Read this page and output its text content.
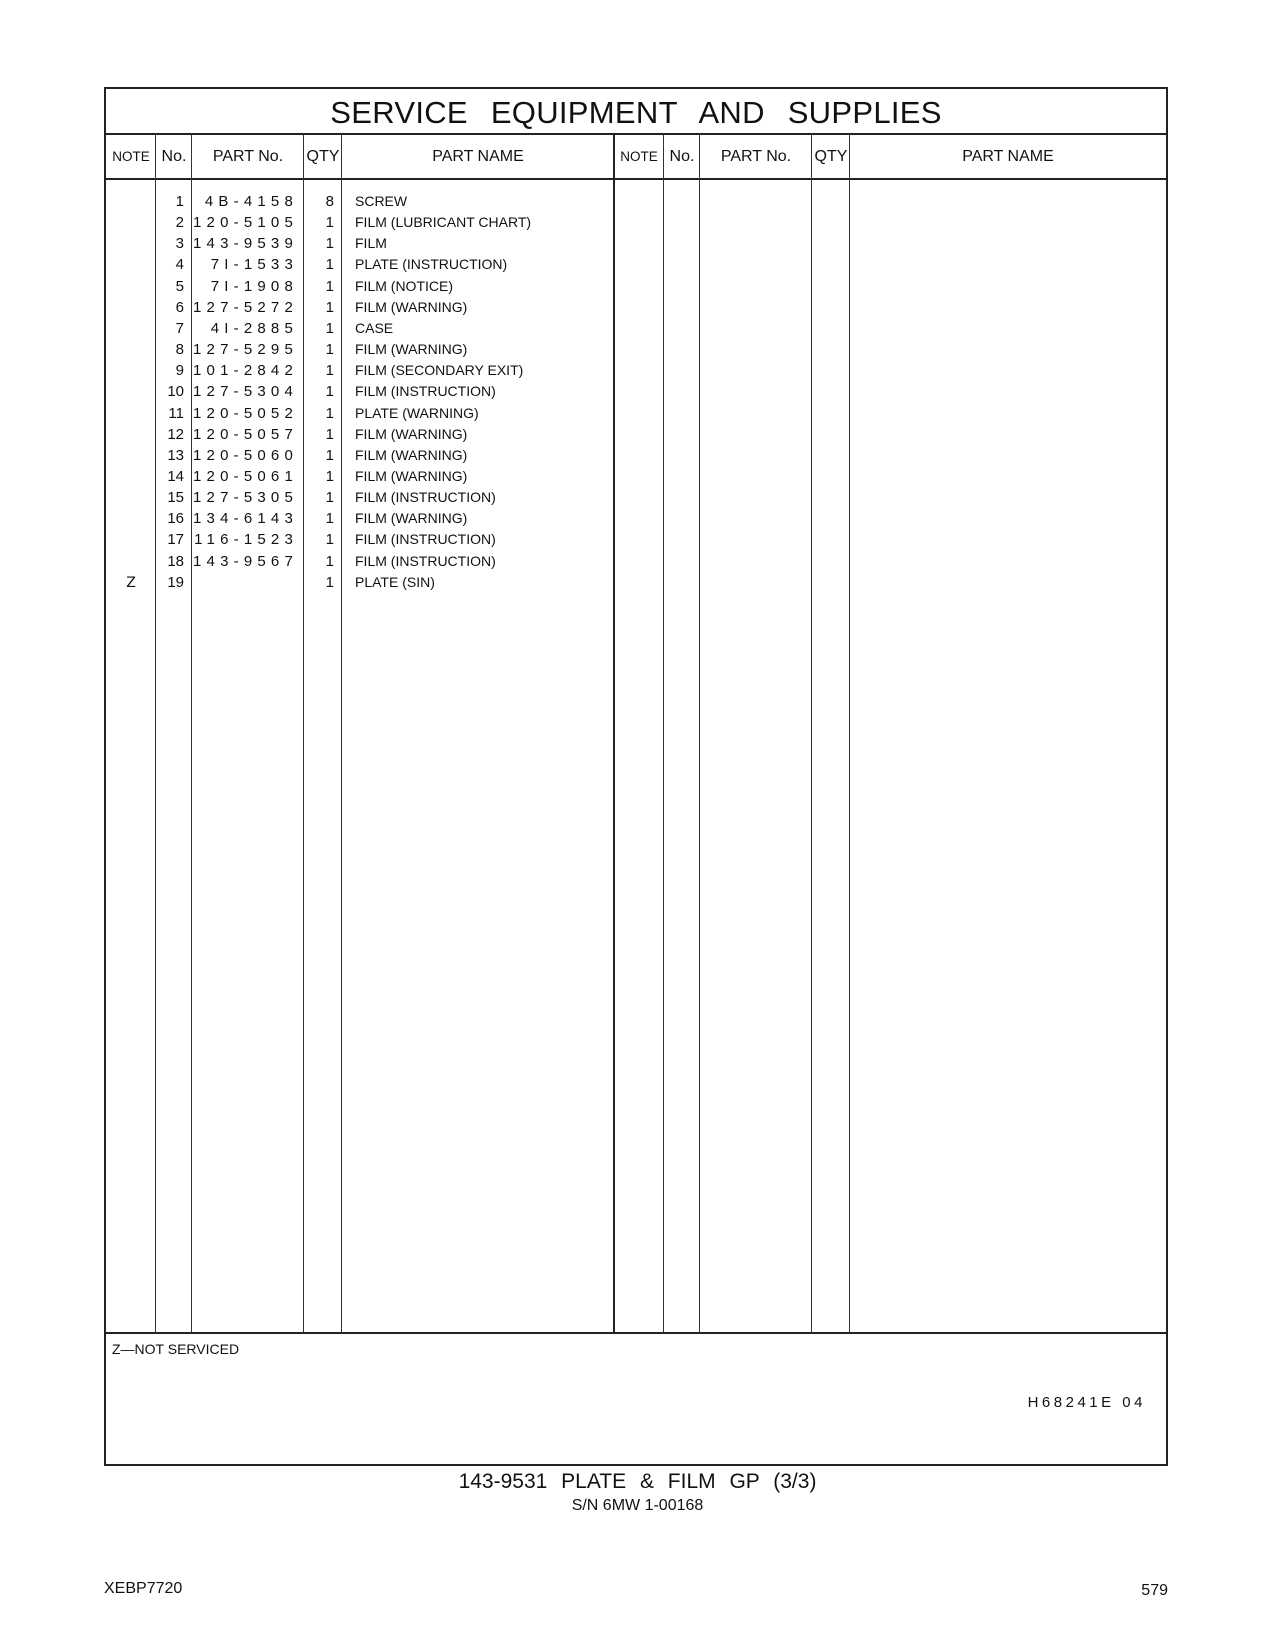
SERVICE EQUIPMENT AND SUPPLIES
NOTE No.	PART No.	QTY	PART NAME	NOTE No.	PART No.	QTY	PART NAME
1	4B-4158	8 SCREW
2 120-5105	1 FILM (LUBRICANT CHART)
3 143-9539	1 FILM
4	7I-1533	1 PLATE (INSTRUCTION)
5	7I-1908	1 FILM (NOTICE)
6 127-5272	1 FILM (WARNING)
7	4I-2885	1 CASE
8 127-5295	1 FILM (WARNING)
9 101-2842	1 FILM (SECONDARY EXIT)
10 127-5304	1 FILM (INSTRUCTION)
11 120-5052	1 PLATE (WARNING)
12 120-5057	1 FILM (WARNING)
13 120-5060	1 FILM (WARNING)
14 120-5061	1 FILM (WARNING)
15 127-5305	1 FILM (INSTRUCTION)
16 134-6143	1 FILM (WARNING)
17 116-1523	1 FILM (INSTRUCTION)
18 143-9567	1 FILM (INSTRUCTION)
Z	19	1 PLATE (SIN)
Z—NOT SERVICED
H68241E 04
143-9531 PLATE & FILM GP (3/3)
S/N 6MW 1-00168
XEBP7720	579
